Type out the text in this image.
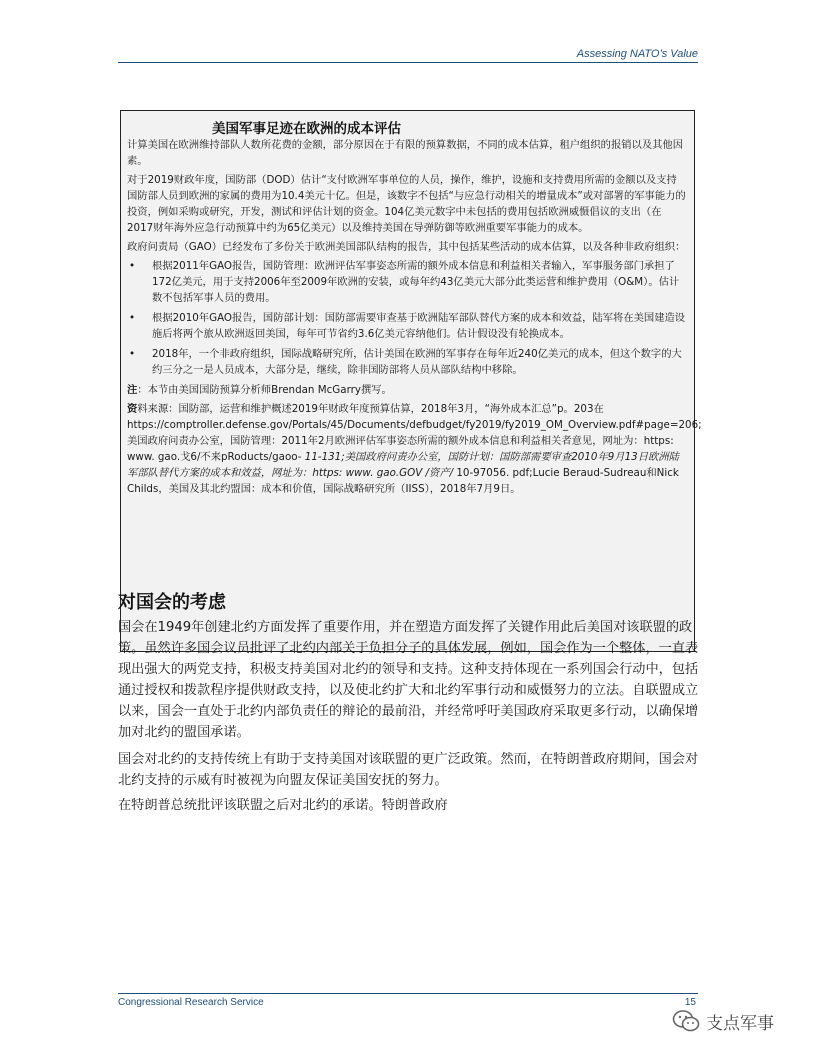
Assessing NATO’s Value
美国军事足迹在欧洲的成本评估

计算美国在欧洲维持部队人数所花费的金额，部分原因在于有限的预算数据，不同的成本估算，租户组织的报销以及其他因素。

对于2019财政年度，国防部（DOD）估计“支付欧洲军事单位的人员，操作，维护，设施和支持费用所需的金额以及支持国防部人员到欧洲的家属的费用为10.4美元十亿。但是，该数字不包括“与应急行动相关的增量成本”或对部署的军事能力的投资，例如采购或研究，开发，测试和评估计划的资金。104亿美元数字中未包括的费用包括欧洲威慑倡议的支出（在2017财年海外应急行动预算中约为65亿美元）以及维持美国在导弹防御等欧洲重要军事能力的成本。

政府问责局（GAO）已经发布了多份关于欧洲美国部队结构的报告，其中包括某些活动的成本估算，以及各种非政府组织：

• 根据2011年GAO报告，国防管理：欧洲评估军事姿态所需的额外成本信息和利益相关者输入，军事服务部门承担了172亿美元，用于支持2006年至2009年欧洲的安装，或每年约43亿美元大部分此类运营和维护费用（O&M）。估计数不包括军事人员的费用。
• 根据2010年GAO报告，国防部计划：国防部需要审查基于欧洲陆军部队替代方案的成本和效益，陆军将在美国建造设施后将两个旅从欧洲返回美国，每年可节省约3.6亿美元容纳他们。估计假设没有轮换成本。
• 2018年，一个非政府组织，国际战略研究所，估计美国在欧洲的军事存在每年近240亿美元的成本，但这个数字的大约三分之一是人员成本，大部分是，继续，除非国防部将人员从部队结构中移除。

注：本节由美国国防预算分析师Brendan McGarry撰写。

资料来源：国防部，运营和维护概述2019年财政年度预算估算，2018年3月，“海外成本汇总”p。203在https://comptroller.defense.gov/Portals/45/Documents/defbudget/fy2019/fy2019_OM_Overview.pdf#page=206;美国政府问责办公室，国防管理：2011年2月欧洲评估军事姿态所需的额外成本信息和利益相关者意见，网址为：https: www. gao.戈6/不来pRoducts/gaoo- 11-131;美国政府问责办公室，国防计划：国防部需要审查2010年9月13日欧洲陆军部队替代方案的成本和效益，网址为：https: www. gao.GOV /资产/ 10-97056. pdf;Lucie Beraud-Sudreau和Nick Childs，美国及其北约盟国：成本和价值，国际战略研究所（IISS），2018年7月9日。

对国会的考虑

国会在1949年创建北约方面发挥了重要作用，并在塑造方面发挥了关键作用此后美国对该联盟的政策。虽然许多国会议员批评了北约内部关于负担分子的具体发展，例如，国会作为一个整体，一直表现出强大的两党支持，积极支持美国对北约的领导和支持。这种支持体现在一系列国会行动中，包括通过授权和拨款程序提供财政支持，以及使北约扩大和北约军事行动和威慑努力的立法。自联盟成立以来，国会一直处于北约内部负责任的辩论的最前沿，并经常呼吁美国政府采取更多行动，以确保增加对北约的盟国承诺。

国会对北约的支持传统上有助于支持美国对该联盟的更广泛政策。然而，在特朗普政府期间，国会对北约支持的示威有时被视为向盟友保证美国安抚的努力。

在特朗普总统批评该联盟之后对北约的承诺。特朗普政府

Congressional Research Service	15
支点军事
